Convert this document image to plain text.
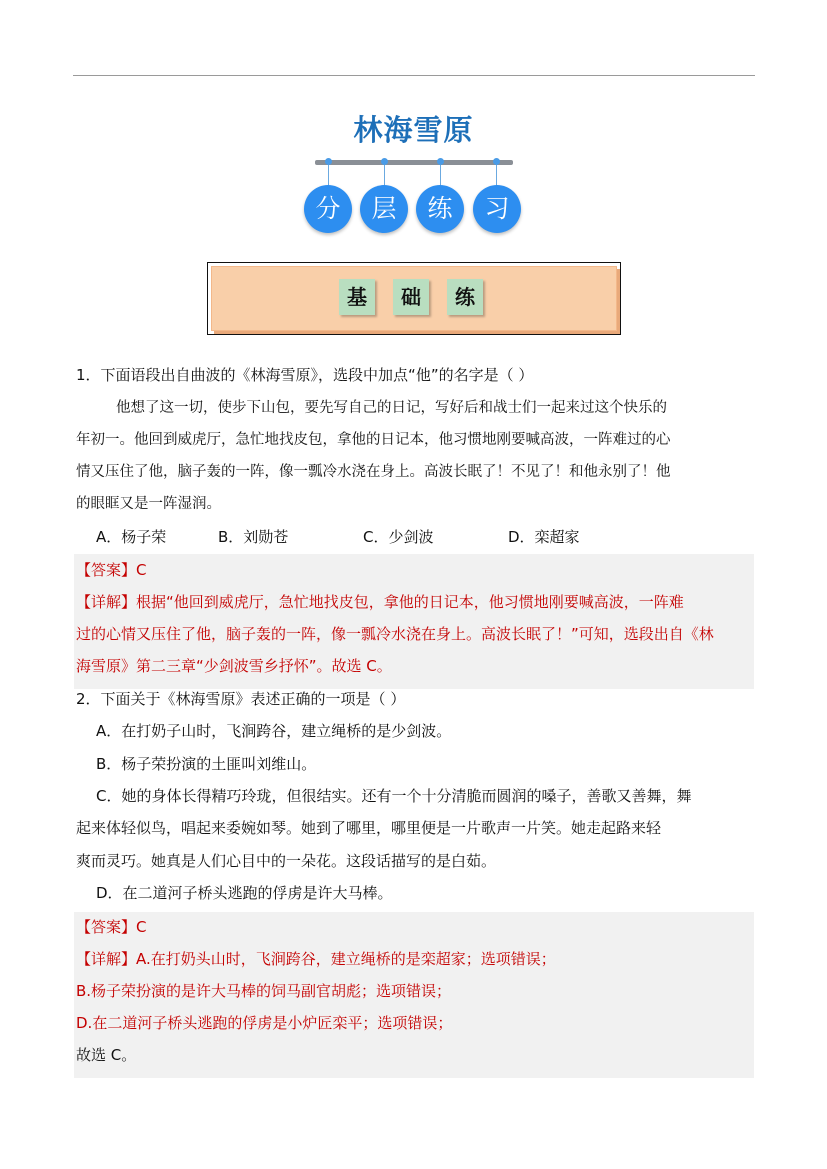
林海雪原
分	层	练	习
基	础	练
1．下面语段出自曲波的《林海雪原》，选段中加点“他”的名字是（ ）
他想了这一切，使步下山包，要先写自己的日记，写好后和战士们一起来过这个快乐的
年初一。他回到威虎厅，急忙地找皮包，拿他的日记本，他习惯地刚要喊高波，一阵难过的心
情又压住了他，脑子轰的一阵，像一瓢冷水浇在身上。高波长眠了！不见了！和他永别了！他
的眼眶又是一阵湿润。
A．杨子荣	B．刘勋苍	C．少剑波	D．栾超家
【答案】C
【详解】根据“他回到威虎厅，急忙地找皮包，拿他的日记本，他习惯地刚要喊高波，一阵难
过的心情又压住了他，脑子轰的一阵，像一瓢冷水浇在身上。高波长眠了！”可知，选段出自《林
海雪原》第二三章“少剑波雪乡抒怀”。故选 C。
2．下面关于《林海雪原》表述正确的一项是（ ）
A．在打奶子山时，飞涧跨谷，建立绳桥的是少剑波。
B．杨子荣扮演的土匪叫刘维山。
C．她的身体长得精巧玲珑，但很结实。还有一个十分清脆而圆润的嗓子，善歌又善舞，舞
起来体轻似鸟，唱起来委婉如琴。她到了哪里，哪里便是一片歌声一片笑。她走起路来轻
爽而灵巧。她真是人们心目中的一朵花。这段话描写的是白茹。
D．在二道河子桥头逃跑的俘虏是许大马棒。
【答案】C
【详解】A.在打奶头山时，飞涧跨谷，建立绳桥的是栾超家；选项错误；
B.杨子荣扮演的是许大马棒的饲马副官胡彪；选项错误；
D.在二道河子桥头逃跑的俘虏是小炉匠栾平；选项错误；
故选 C。
